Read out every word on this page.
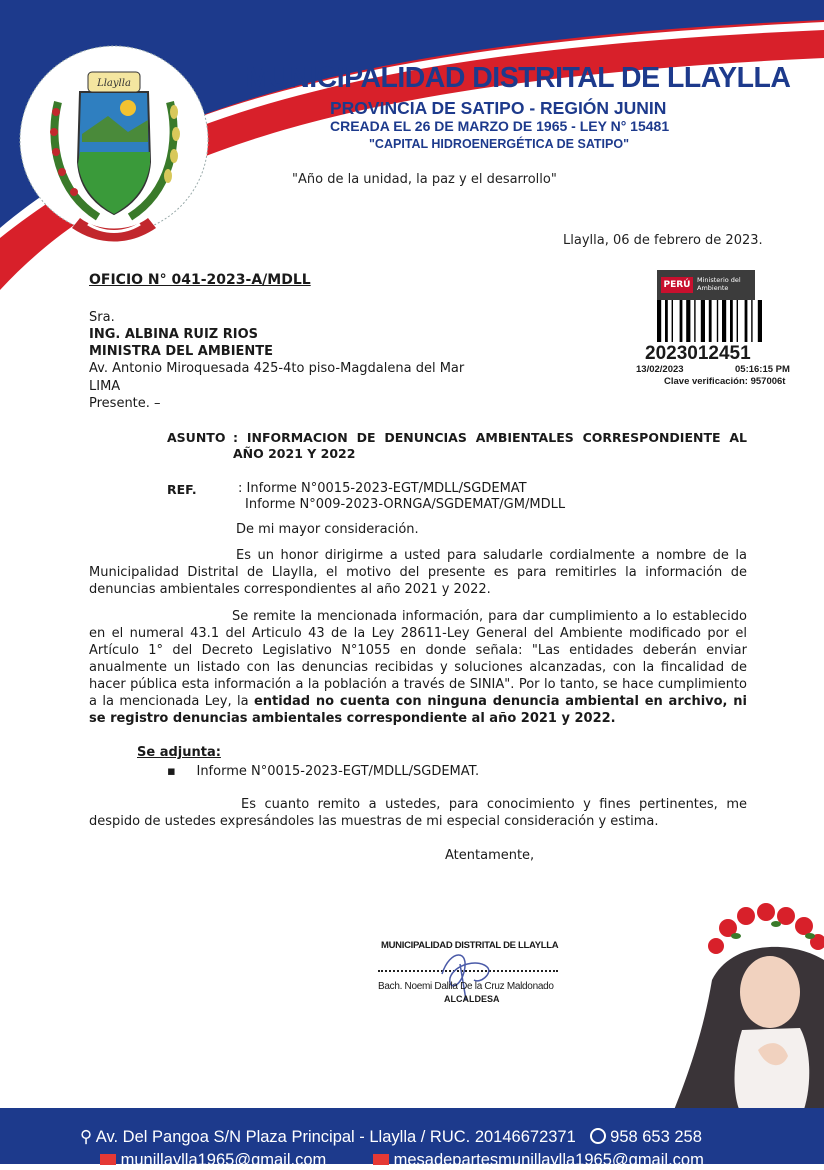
Llaylla	MUNICIPALIDAD DISTRITAL DE LLAYLLA
PROVINCIA DE SATIPO - REGIÓN JUNIN
CREADA EL 26 DE MARZO DE 1965 - LEY N° 15481
"CAPITAL HIDROENERGÉTICA DE SATIPO"
"Año de la unidad, la paz y el desarrollo"
Llaylla, 06 de febrero de 2023.
OFICIO N° 041-2023-A/MDLL
Sra.
ING. ALBINA RUIZ RIOS
MINISTRA DEL AMBIENTE
Av. Antonio Miroquesada 425-4to piso-Magdalena del Mar
LIMA
Presente. –
PERÚ	Ministerio del Ambiente
2023012451
13/02/2023	05:16:15 PM
Clave verificación: 957006t
ASUNTO : INFORMACION DE DENUNCIAS AMBIENTALES CORRESPONDIENTE AL AÑO 2021 Y 2022
REF.	: Informe N°0015-2023-EGT/MDLL/SGDEMAT
Informe N°009-2023-ORNGA/SGDEMAT/GM/MDLL
De mi mayor consideración.

Es un honor dirigirme a usted para saludarle cordialmente a nombre de la Municipalidad Distrital de Llaylla, el motivo del presente es para remitirles la información de denuncias ambientales correspondientes al año 2021 y 2022.

Se remite la mencionada información, para dar cumplimiento a lo establecido en el numeral 43.1 del Articulo 43 de la Ley 28611-Ley General del Ambiente modificado por el Artículo 1° del Decreto Legislativo N°1055 en donde señala: "Las entidades deberán enviar anualmente un listado con las denuncias recibidas y soluciones alcanzadas, con la fincalidad de hacer pública esta información a la población a través de SINIA". Por lo tanto, se hace cumplimiento a la mencionada Ley, la entidad no cuenta con ninguna denuncia ambiental en archivo, ni se registro denuncias ambientales correspondiente al año 2021 y 2022.

Se adjunta:
▪ Informe N°0015-2023-EGT/MDLL/SGDEMAT.

Es cuanto remito a ustedes, para conocimiento y fines pertinentes, me despido de ustedes expresándoles las muestras de mi especial consideración y estima.

Atentamente,
MUNICIPALIDAD DISTRITAL DE LLAYLLA
Bach. Noemi Dalila De la Cruz Maldonado
ALCALDESA
⚲ Av. Del Pangoa S/N Plaza Principal - Llaylla / RUC. 20146672371 958 653 258
munillaylla1965@gmail.com	mesadepartesmunillaylla1965@gmail.com
